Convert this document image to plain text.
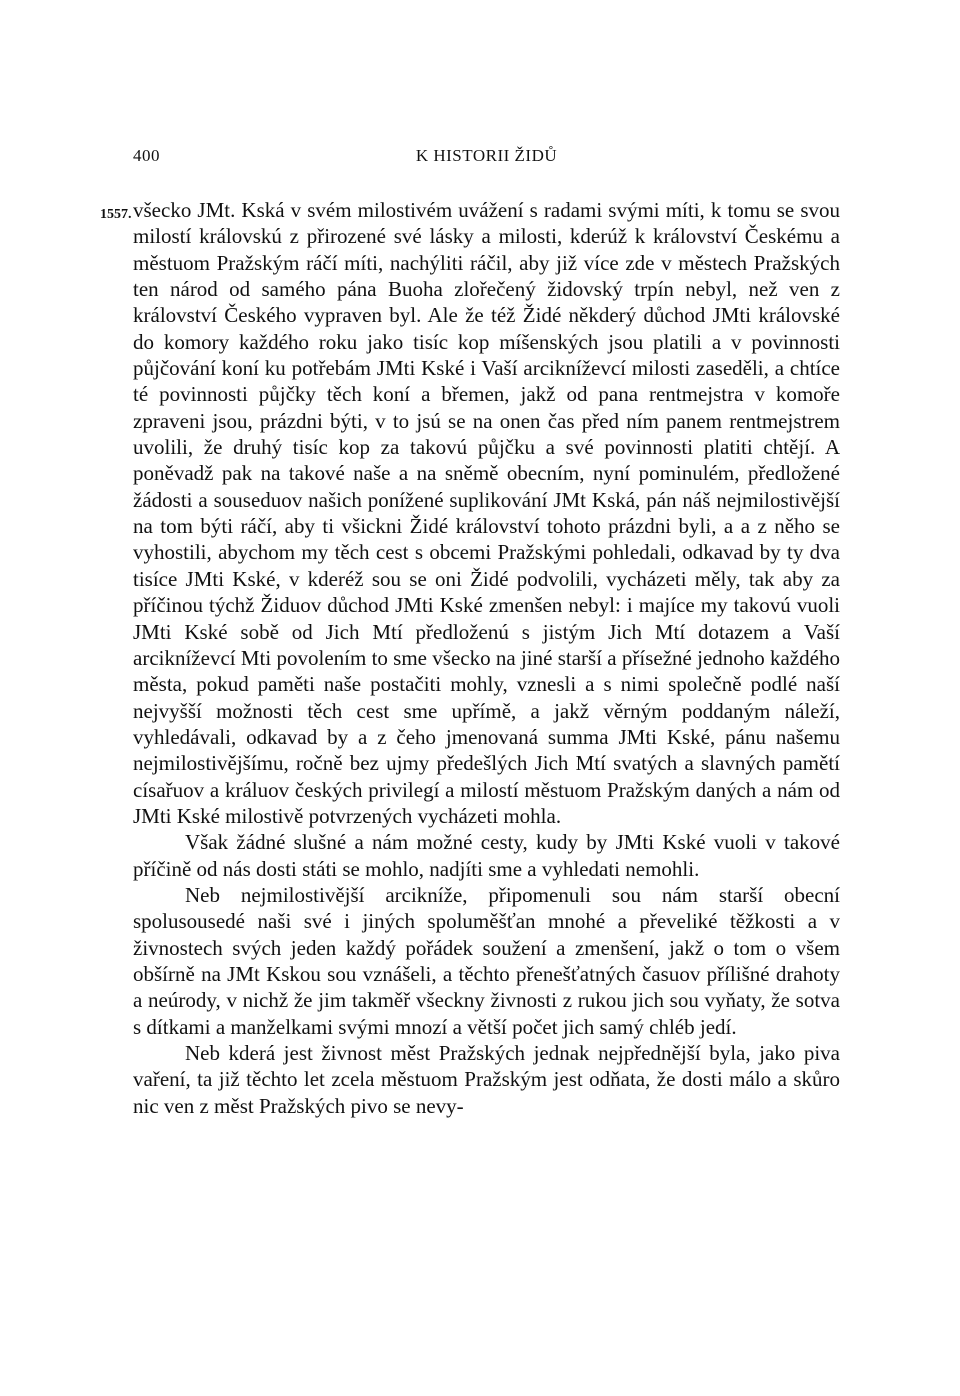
400	K HISTORII ŽIDŮ
1557. všecko JMt. Kská v svém milostivém uvážení s radami svými míti, k tomu se svou milostí královskú z přirozené své lásky a milosti, kderúž k království Českému a městuom Pražským ráčí míti, nachýliti ráčil, aby již více zde v městech Pražských ten národ od samého pána Buoha zlořečený židovský trpín nebyl, než ven z království Českého vypraven byl. Ale že též Židé někderý důchod JMti královské do komory každého roku jako tisíc kop míšenských jsou platili a v povinnosti půjčování koní ku potřebám JMti Kské i Vaší arcikníževcí milosti zaseděli, a chtíce té povinnosti půjčky těch koní a břemen, jakž od pana rentmejstra v komoře zpraveni jsou, prázdni býti, v to jsú se na onen čas před ním panem rentmejstrem uvolili, že druhý tisíc kop za takovú půjčku a své povinnosti platiti chtějí. A poněvadž pak na takové naše a na sněmě obecním, nyní pominulém, předložené žádosti a souseduov našich ponížené suplikování JMt Kská, pán náš nejmilostivější na tom býti ráčí, aby ti všickni Židé království tohoto prázdni byli, a a z něho se vyhostili, abychom my těch cest s obcemi Pražskými pohledali, odkavad by ty dva tisíce JMti Kské, v kderéž sou se oni Židé podvolili, vycházeti měly, tak aby za příčinou týchž Židuov důchod JMti Kské zmenšen nebyl: i majíce my takovú vuoli JMti Kské sobě od Jich Mtí předloženú s jistým Jich Mtí dotazem a Vaší arcikníževcí Mti povolením to sme všecko na jiné starší a přísežné jednoho každého města, pokud paměti naše postačiti mohly, vznesli a s nimi společně podlé naší nejvyšší možnosti těch cest sme upřímě, a jakž věrným poddaným náleží, vyhledávali, odkavad by a z čeho jmenovaná summa JMti Kské, pánu našemu nejmilostivějšímu, ročně bez ujmy předešlých Jich Mtí svatých a slavných pamětí císařuov a králuov českých privilegí a milostí městuom Pražským daných a nám od JMti Kské milostivě potvrzených vycházeti mohla.

Však žádné slušné a nám možné cesty, kudy by JMti Kské vuoli v takové příčině od nás dosti státi se mohlo, nadjíti sme a vyhledati nemohli.

Neb nejmilostivější arcikníže, připomenuli sou nám starší obecní spolusousedé naši své i jiných spoluměšťan mnohé a převeliké těžkosti a v živnostech svých jeden každý pořádek soužení a zmenšení, jakž o tom o všem obšírně na JMt Kskou sou vznášeli, a těchto přenešťatných časuov přílišné drahoty a neúrody, v nichž že jim takměř všeckny živnosti z rukou jich sou vyňaty, že sotva s dítkami a manželkami svými mnozí a větší počet jich samý chléb jedí.

Neb kderá jest živnost měst Pražských jednak nejpřednější byla, jako piva vaření, ta již těchto let zcela městuom Pražským jest odňata, že dosti málo a skůro nic ven z měst Pražských pivo se nevy-
